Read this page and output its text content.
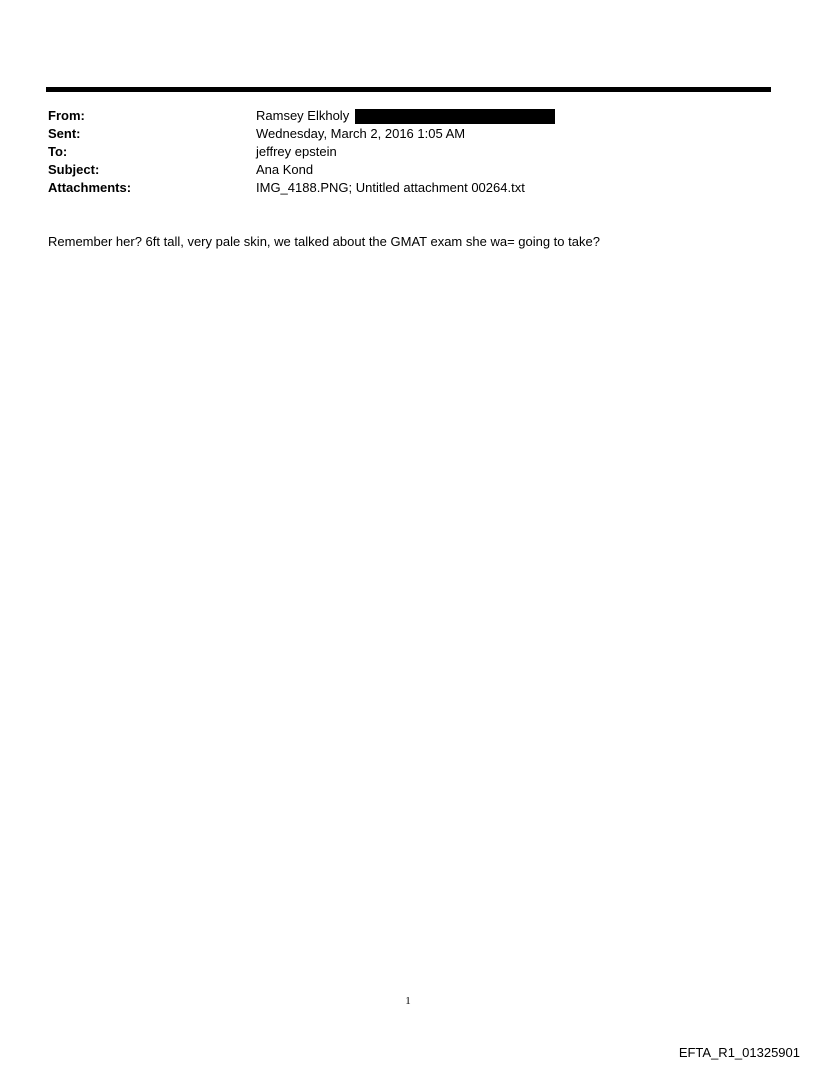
From:	Ramsey Elkholy
Sent:	Wednesday, March 2, 2016 1:05 AM
To:	jeffrey epstein
Subject:	Ana Kond
Attachments:	IMG_4188.PNG; Untitled attachment 00264.txt
Remember her? 6ft tall, very pale skin, we talked about the GMAT exam she wa= going to take?
1
EFTA_R1_01325901
